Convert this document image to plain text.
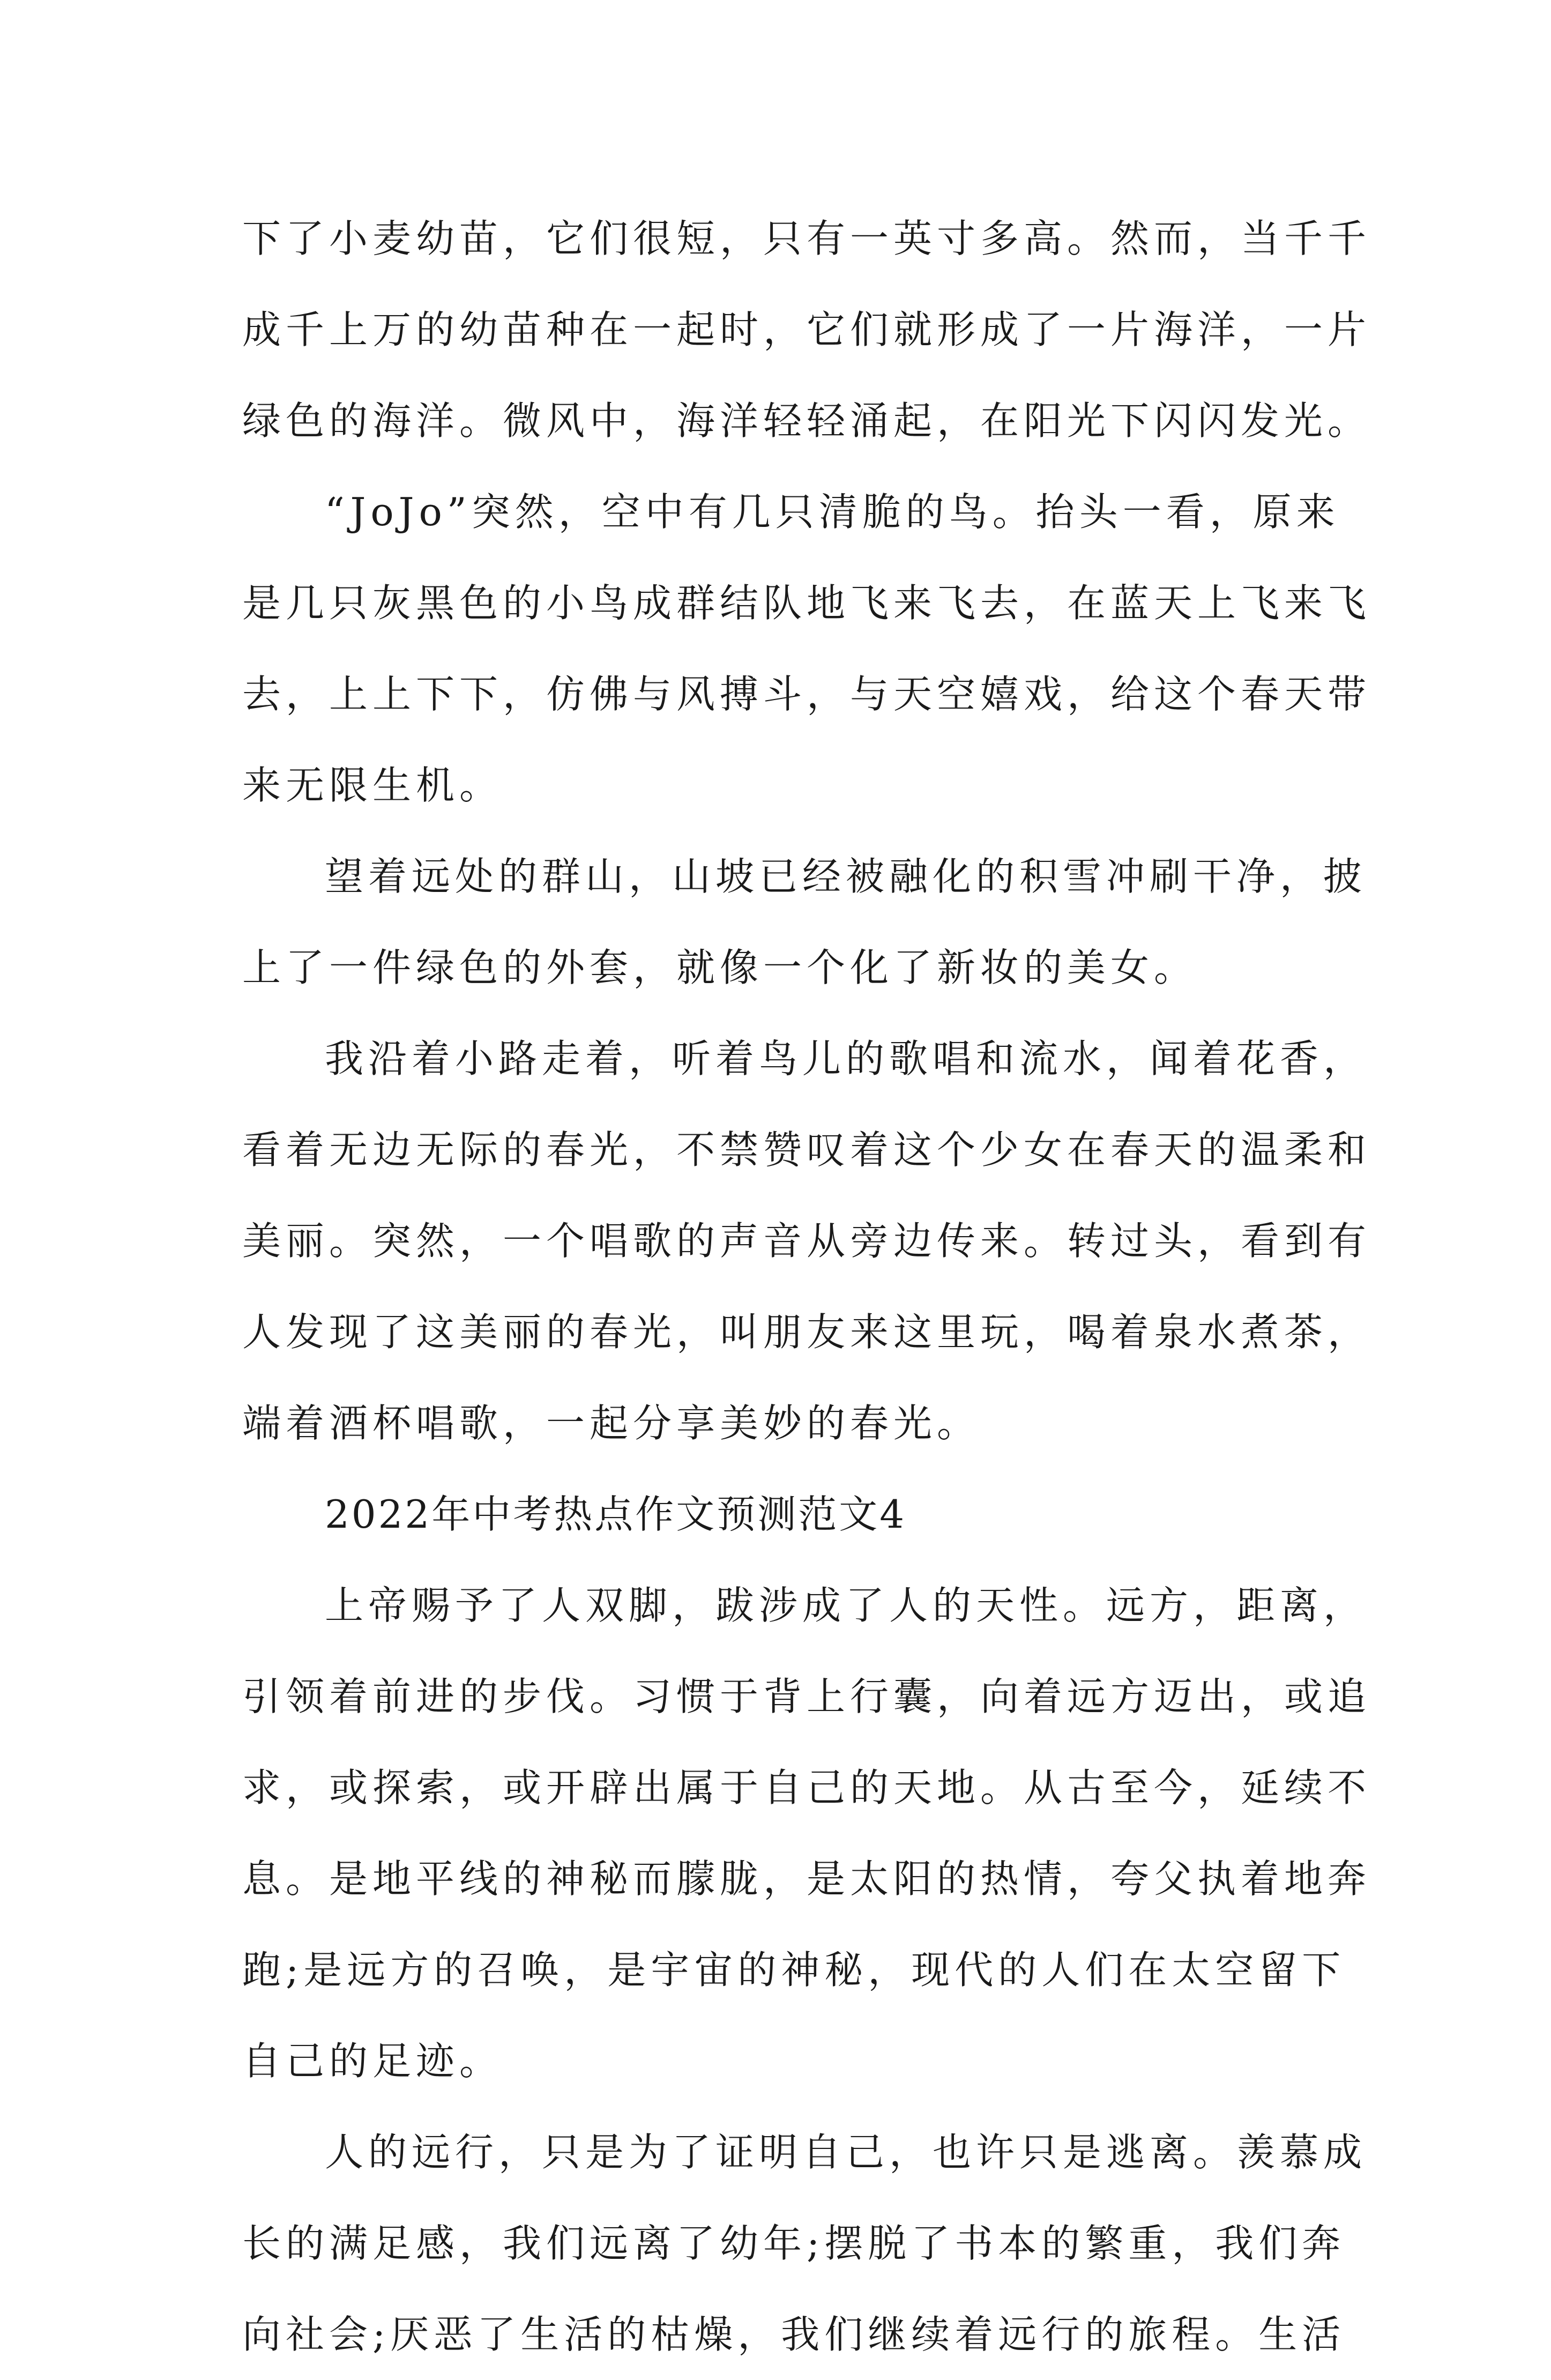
下了小麦幼苗，它们很短，只有一英寸多高。然而，当千千
成千上万的幼苗种在一起时，它们就形成了一片海洋，一片
绿色的海洋。微风中，海洋轻轻涌起，在阳光下闪闪发光。
“JoJo”突然，空中有几只清脆的鸟。抬头一看，原来
是几只灰黑色的小鸟成群结队地飞来飞去，在蓝天上飞来飞
去，上上下下，仿佛与风搏斗，与天空嬉戏，给这个春天带
来无限生机。
望着远处的群山，山坡已经被融化的积雪冲刷干净，披
上了一件绿色的外套，就像一个化了新妆的美女。
我沿着小路走着，听着鸟儿的歌唱和流水，闻着花香，
看着无边无际的春光，不禁赞叹着这个少女在春天的温柔和
美丽。突然，一个唱歌的声音从旁边传来。转过头，看到有
人发现了这美丽的春光，叫朋友来这里玩，喝着泉水煮茶，
端着酒杯唱歌，一起分享美妙的春光。
2022年中考热点作文预测范文4
上帝赐予了人双脚，跋涉成了人的天性。远方，距离，
引领着前进的步伐。习惯于背上行囊，向着远方迈出，或追
求，或探索，或开辟出属于自己的天地。从古至今，延续不
息。是地平线的神秘而朦胧，是太阳的热情，夸父执着地奔
跑;是远方的召唤，是宇宙的神秘，现代的人们在太空留下
自己的足迹。
人的远行，只是为了证明自己，也许只是逃离。羡慕成
长的满足感，我们远离了幼年;摆脱了书本的繁重，我们奔
向社会;厌恶了生活的枯燥，我们继续着远行的旅程。生活
